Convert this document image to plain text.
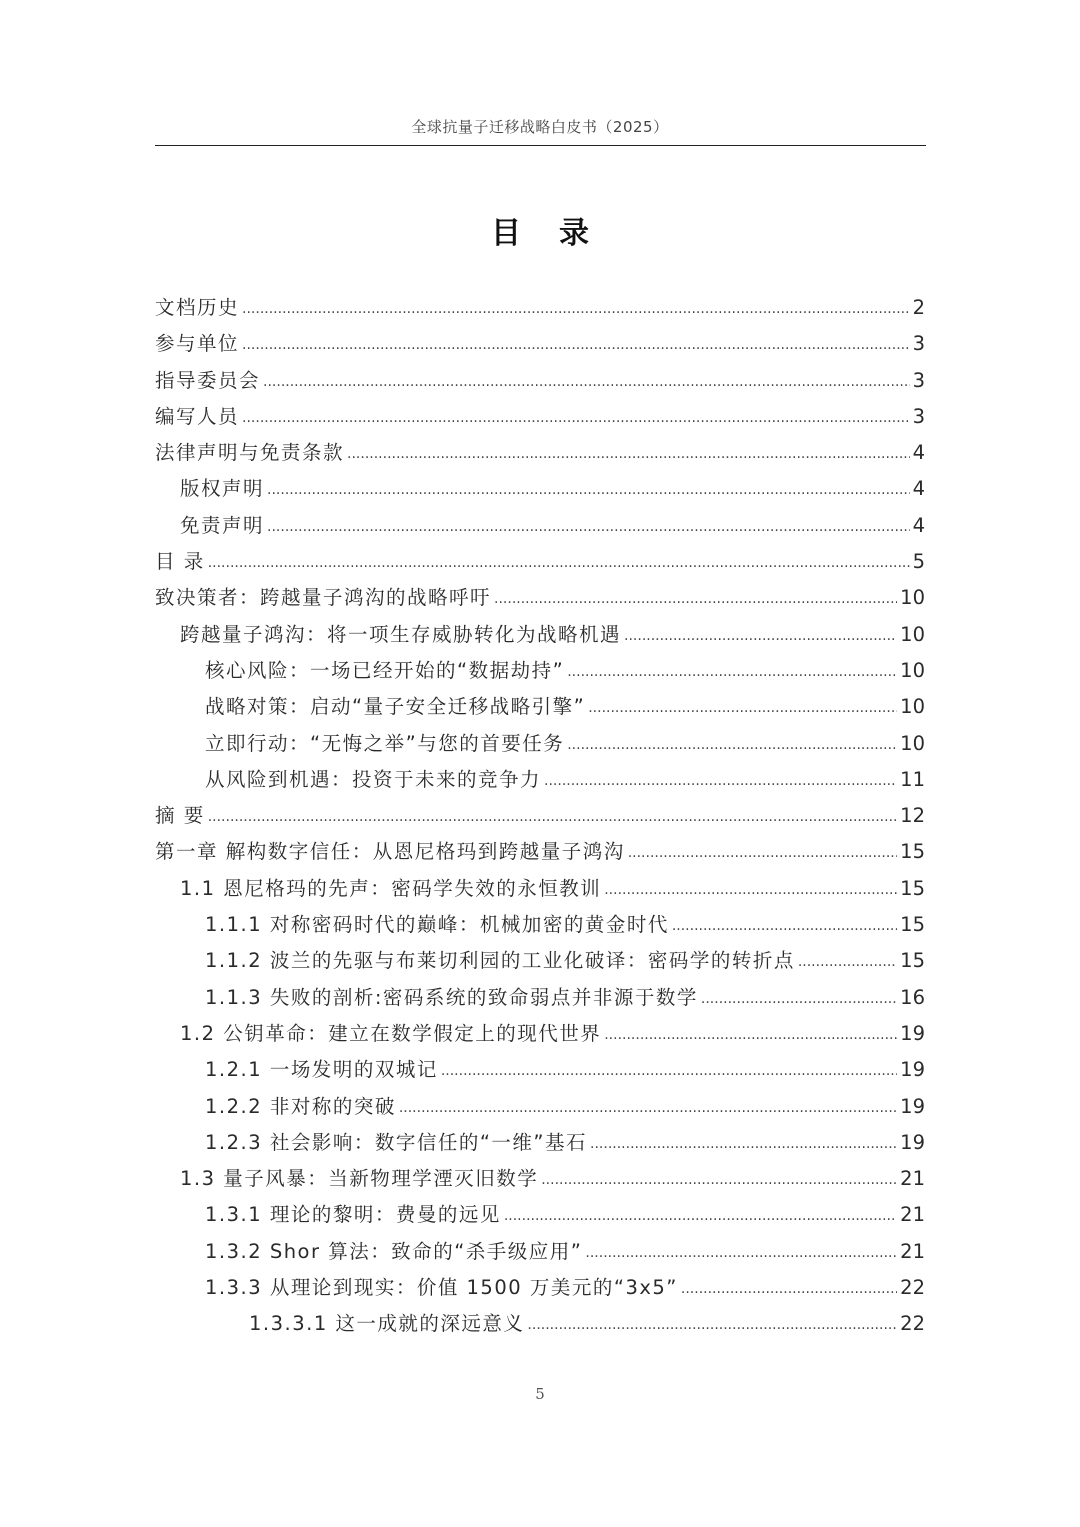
全球抗量子迁移战略白皮书（2025）
目录
文档历史 .....	2
参与单位 .....	3
指导委员会 .....	3
编写人员 .....	3
法律声明与免责条款 .....	4
版权声明 .....	4
免责声明 .....	4
目 录 .....	5
致决策者：跨越量子鸿沟的战略呼吁 .....	10
跨越量子鸿沟：将一项生存威胁转化为战略机遇 .....	10
核心风险：一场已经开始的“数据劫持” .....	10
战略对策：启动“量子安全迁移战略引擎” .....	10
立即行动：“无悔之举”与您的首要任务 .....	10
从风险到机遇：投资于未来的竞争力 .....	11
摘 要 .....	12
第一章 解构数字信任：从恩尼格玛到跨越量子鸿沟 .....	15
1.1 恩尼格玛的先声：密码学失效的永恒教训 .....	15
1.1.1 对称密码时代的巅峰：机械加密的黄金时代 .....	15
1.1.2 波兰的先驱与布莱切利园的工业化破译：密码学的转折点 .....	15
1.1.3 失败的剖析:密码系统的致命弱点并非源于数学 .....	16
1.2 公钥革命：建立在数学假定上的现代世界 .....	19
1.2.1 一场发明的双城记 .....	19
1.2.2 非对称的突破 .....	19
1.2.3 社会影响：数字信任的“一维”基石 .....	19
1.3 量子风暴：当新物理学湮灭旧数学 .....	21
1.3.1 理论的黎明：费曼的远见 .....	21
1.3.2 Shor 算法：致命的“杀手级应用” .....	21
1.3.3 从理论到现实：价值 1500 万美元的“3x5” .....	22
1.3.3.1 这一成就的深远意义 .....	22
5
